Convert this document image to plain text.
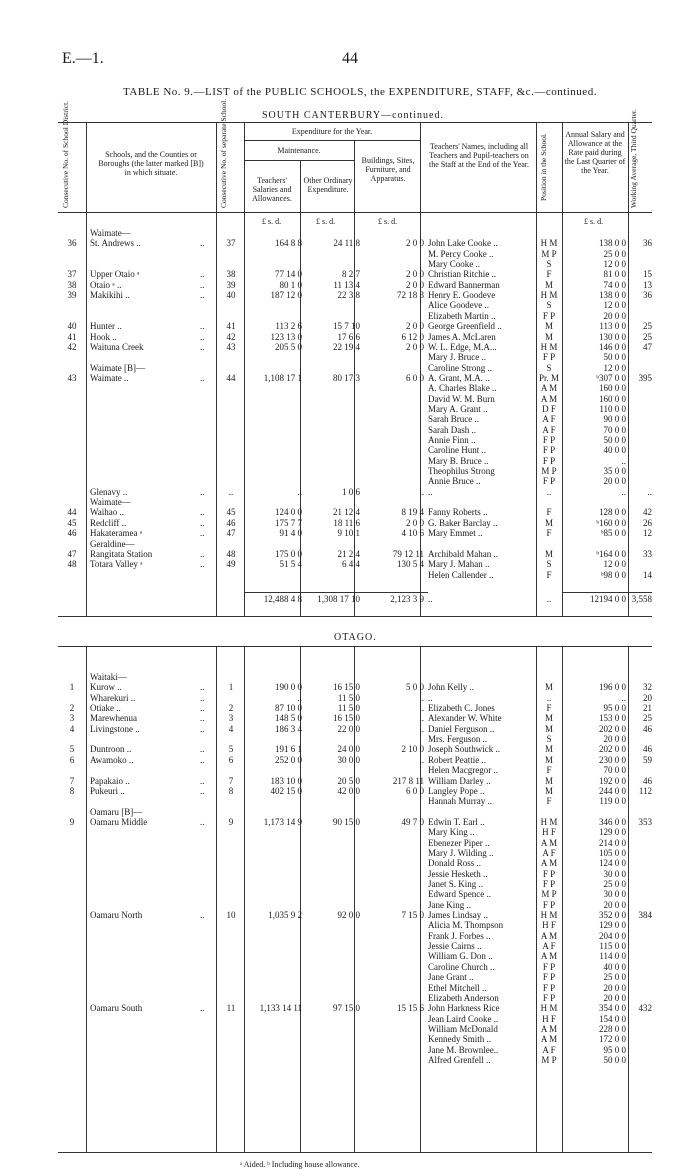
E.—1.	44
TABLE No. 9.—LIST of the PUBLIC SCHOOLS, the EXPENDITURE, STAFF, &c.—continued.
SOUTH CANTERBURY—continued.
Consecutive No. of School District.	Schools, and the Counties or Boroughs (the latter marked [B]) in which situate.	Consecutive No. of separate School.	Expenditure for the Year.
Maintenance.
Teachers' Salaries and Allowances.
Other Ordinary Expenditure.
Buildings, Sites, Furniture, and Apparatus.
Teachers' Names, including all Teachers and Pupil-teachers on the Staff at the End of the Year.	Position in the School.	Annual Salary and Allowance at the Rate paid during the Last Quarter of the Year.	Working Average, Third Quarter.
£ s. d.	£ s. d.	£ s. d.	£ s. d.
Waimate—
36	St. Andrews ..	..	37	164 8 8	24 11 8	2 0 0 John Lake Cooke ..	H M	138 0 0	36
M. Percy Cooke ..	M P	25 0 0
Mary Cooke ..	S	12 0 0
37	Upper Otaio ᵃ	..	38	77 14 0	8 2 7	2 0 0 Christian Ritchie ..	F	81 0 0	15
38	Otaio ᵃ ..	..	39	80 1 0	11 13 4	2 0 0 Edward Bannerman	M	74 0 0	13
39	Makikihi ..	..	40	187 12 0	22 3 8	72 18 3 Henry E. Goodeve	H M	138 0 0	36
Alice Goodeve ..	S	12 0 0
Elizabeth Martin ..	F P	20 0 0
40	Hunter ..	..	41	113 2 6	15 7 10	2 0 0 George Greenfield ..	M	113 0 0	25
41	Hook ..	..	42	123 13 0	17 6 6	6 12 0 James A. McLaren	M	130 0 0	25
42	Waituna Creek	..	43	205 5 0	22 19 4	2 0 0 W. L. Edge, M.A...	H M	146 0 0	47
Mary J. Bruce ..	F P	50 0 0
Waimate [B]—	Caroline Strong ..	S	12 0 0
43	Waimate ..	..	44	1,108 17 1	80 17 3	6 0 0 A. Grant, M.A. ..	Pr. M	ᵇ307 0 0	395
A. Charles Blake ..	A M	160 0 0
David W. M. Burn	A M	160 0 0
Mary A. Grant ..	D F	110 0 0
Sarah Bruce ..	A F	90 0 0
Sarah Dash ..	A F	70 0 0
Annie Finn ..	F P	50 0 0
Caroline Hunt ..	F P	40 0 0
Mary B. Bruce ..	F P	..
Theophilus Strong	M P	35 0 0
Annie Bruce ..	F P	20 0 0
Glenavy ..	..	..	..	1 0 6	.. ..	..	..	..
Waimate—
44	Waihao ..	..	45	124 0 0	21 12 4	8 19 4 Fanny Roberts ..	F	128 0 0	42
45	Redcliff ..	..	46	175 7 7	18 11 6	2 0 0 G. Baker Barclay ..	M	ᵇ160 0 0	26
46	Hakateramea ᵃ	..	47	91 4 0	9 10 1	4 10 6 Mary Emmet ..	F	ᵇ85 0 0	12
Geraldine—
47	Rangitata Station	..	48	175 0 0	21 2 4	79 12 11 Archibald Mahan ..	M	ᵇ164 0 0	33
48	Totara Valley ᵃ	..	49	51 5 4	6 4 4	130 5 4 Mary J. Mahan ..	S	12 0 0
Helen Callender ..	F	ᵇ98 0 0	14
12,488 4 8	1,308 17 10	2,123 3 9 ..	..	12194 0 0 3,558
OTAGO.
Waitaki—
1	Kurow ..	..	1	190 0 0	16 15 0	5 0 0 John Kelly ..	M	196 0 0	32
Wharekuri ..	..	..	11 5 0	.. ..	..	..	20
2	Otiake ..	..	2	87 10 0	11 5 0	.. Elizabeth C. Jones	F	95 0 0	21
3	Marewhenua	..	3	148 5 0	16 15 0	.. Alexander W. White	M	153 0 0	25
4	Livingstone ..	..	4	186 3 4	22 0 0	.. Daniel Ferguson ..	M	202 0 0	46
Mrs. Ferguson ..	S	20 0 0
5	Duntroon ..	..	5	191 6 1	24 0 0	2 10 0 Joseph Southwick ..	M	202 0 0	46
6	Awamoko ..	..	6	252 0 0	30 0 0	.. Robert Peattie ..	M	230 0 0	59
Helen Macgregor ..	F	70 0 0
7	Papakaio ..	..	7	183 10 0	20 5 0	217 8 11 William Darley ..	M	192 0 0	46
8	Pukeuri ..	..	8	402 15 0	42 0 0	6 0 0 Langley Pope ..	M	244 0 0	112
Hannah Murray ..	F	119 0 0
Oamaru [B]—
9	Oamaru Middle	..	9	1,173 14 9	90 15 0	49 7 0 Edwin T. Earl ..	H M	346 0 0	353
Mary King ..	H F	129 0 0
Ebenezer Piper ..	A M	214 0 0
Mary J. Wilding ..	A F	105 0 0
Donald Ross ..	A M	124 0 0
Jessie Hesketh ..	F P	30 0 0
Janet S. King ..	F P	25 0 0
Edward Spence ..	M P	30 0 0
Jane King ..	F P	20 0 0
Oamaru North	..	10	1,035 9 2	92 0 0	7 15 0 James Lindsay ..	H M	352 0 0	384
Alicia M. Thompson	H F	129 0 0
Frank J. Forbes ..	A M	204 0 0
Jessie Cairns ..	A F	115 0 0
William G. Don ..	A M	114 0 0
Caroline Church ..	F P	40 0 0
Jane Grant ..	F P	25 0 0
Ethel Mitchell ..	F P	20 0 0
Elizabeth Anderson	F P	20 0 0
Oamaru South	..	11	1,133 14 11	97 15 0	15 15 6 John Harkness Rice	H M	354 0 0	432
Jean Laird Cooke ..	H F	154 0 0
William McDonald	A M	228 0 0
Kennedy Smith ..	A M	172 0 0
Jane M. Brownlee..	A F	95 0 0
Alfred Grenfell ..	M P	50 0 0
ᵃ Aided. ᵇ Including house allowance.
